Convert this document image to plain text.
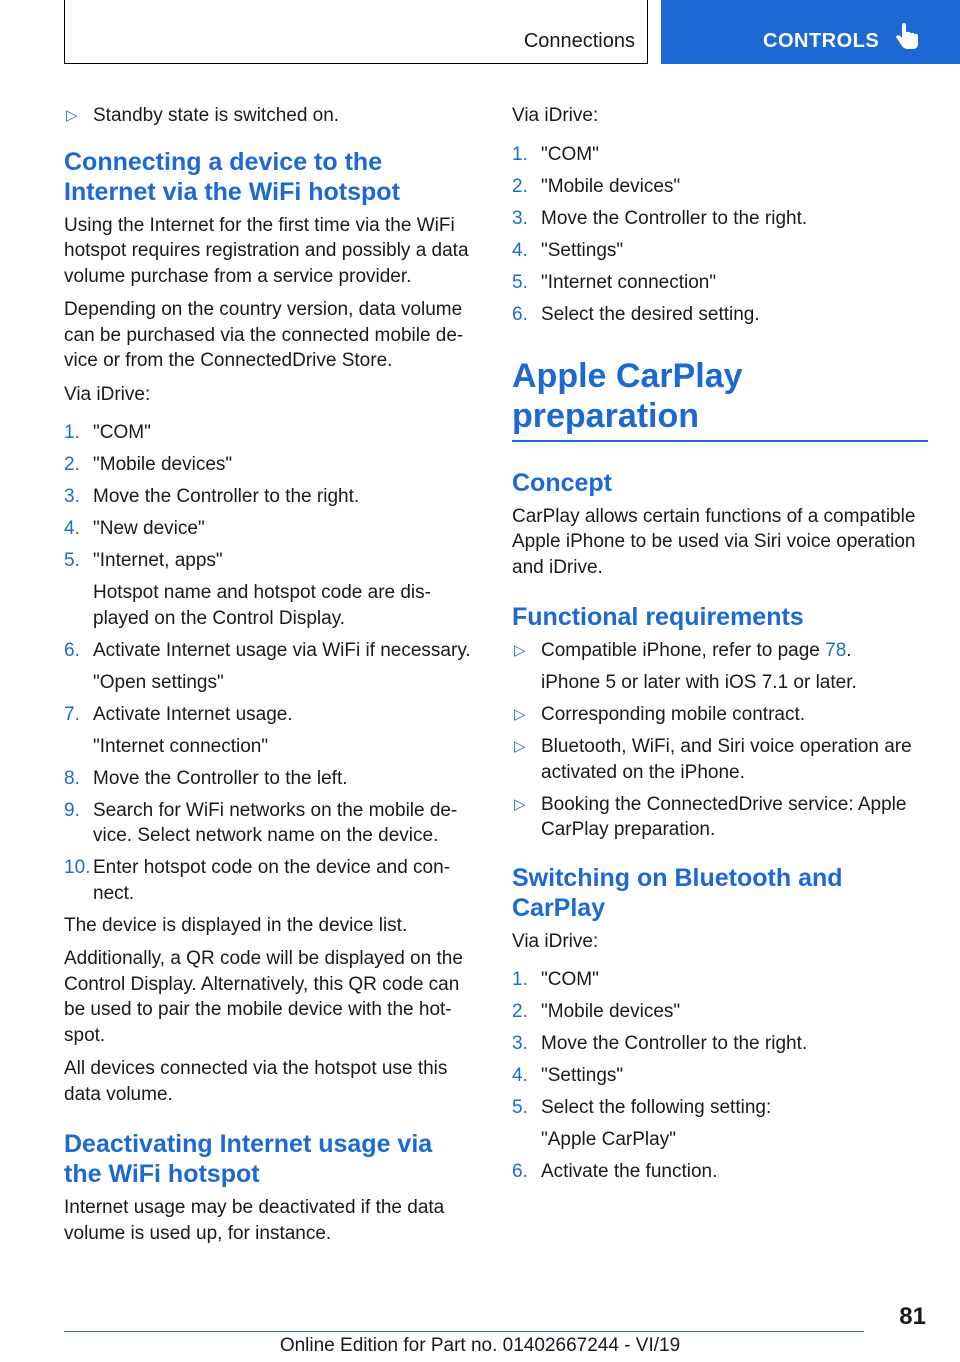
Connections	CONTROLS
▷ Standby state is switched on.
Connecting a device to the Internet via the WiFi hotspot

Using the Internet for the first time via the WiFi hotspot requires registration and possibly a data volume purchase from a service provider.

Depending on the country version, data volume can be purchased via the connected mobile de‐vice or from the ConnectedDrive Store.

Via iDrive:

1. "COM"
2. "Mobile devices"
3. Move the Controller to the right.
4. "New device"
5. "Internet, apps"
Hotspot name and hotspot code are dis‐played on the Control Display.
6. Activate Internet usage via WiFi if necessary.
"Open settings"
7. Activate Internet usage.
"Internet connection"
8. Move the Controller to the left.
9. Search for WiFi networks on the mobile de‐vice. Select network name on the device.
10. Enter hotspot code on the device and con‐nect.

The device is displayed in the device list.

Additionally, a QR code will be displayed on the Control Display. Alternatively, this QR code can be used to pair the mobile device with the hot‐spot.

All devices connected via the hotspot use this data volume.

Deactivating Internet usage via the WiFi hotspot

Internet usage may be deactivated if the data volume is used up, for instance.

Via iDrive:

1. "COM"
2. "Mobile devices"
3. Move the Controller to the right.
4. "Settings"
5. "Internet connection"
6. Select the desired setting.
Apple CarPlay preparation
Concept

CarPlay allows certain functions of a compatible Apple iPhone to be used via Siri voice operation and iDrive.

Functional requirements
▷ Compatible iPhone, refer to page 78.
iPhone 5 or later with iOS 7.1 or later.
▷ Corresponding mobile contract.
▷ Bluetooth, WiFi, and Siri voice operation are activated on the iPhone.
▷ Booking the ConnectedDrive service: Apple CarPlay preparation.
Switching on Bluetooth and CarPlay

Via iDrive:

1. "COM"
2. "Mobile devices"
3. Move the Controller to the right.
4. "Settings"
5. Select the following setting:
"Apple CarPlay"
6. Activate the function.
81
Online Edition for Part no. 01402667244 - VI/19
